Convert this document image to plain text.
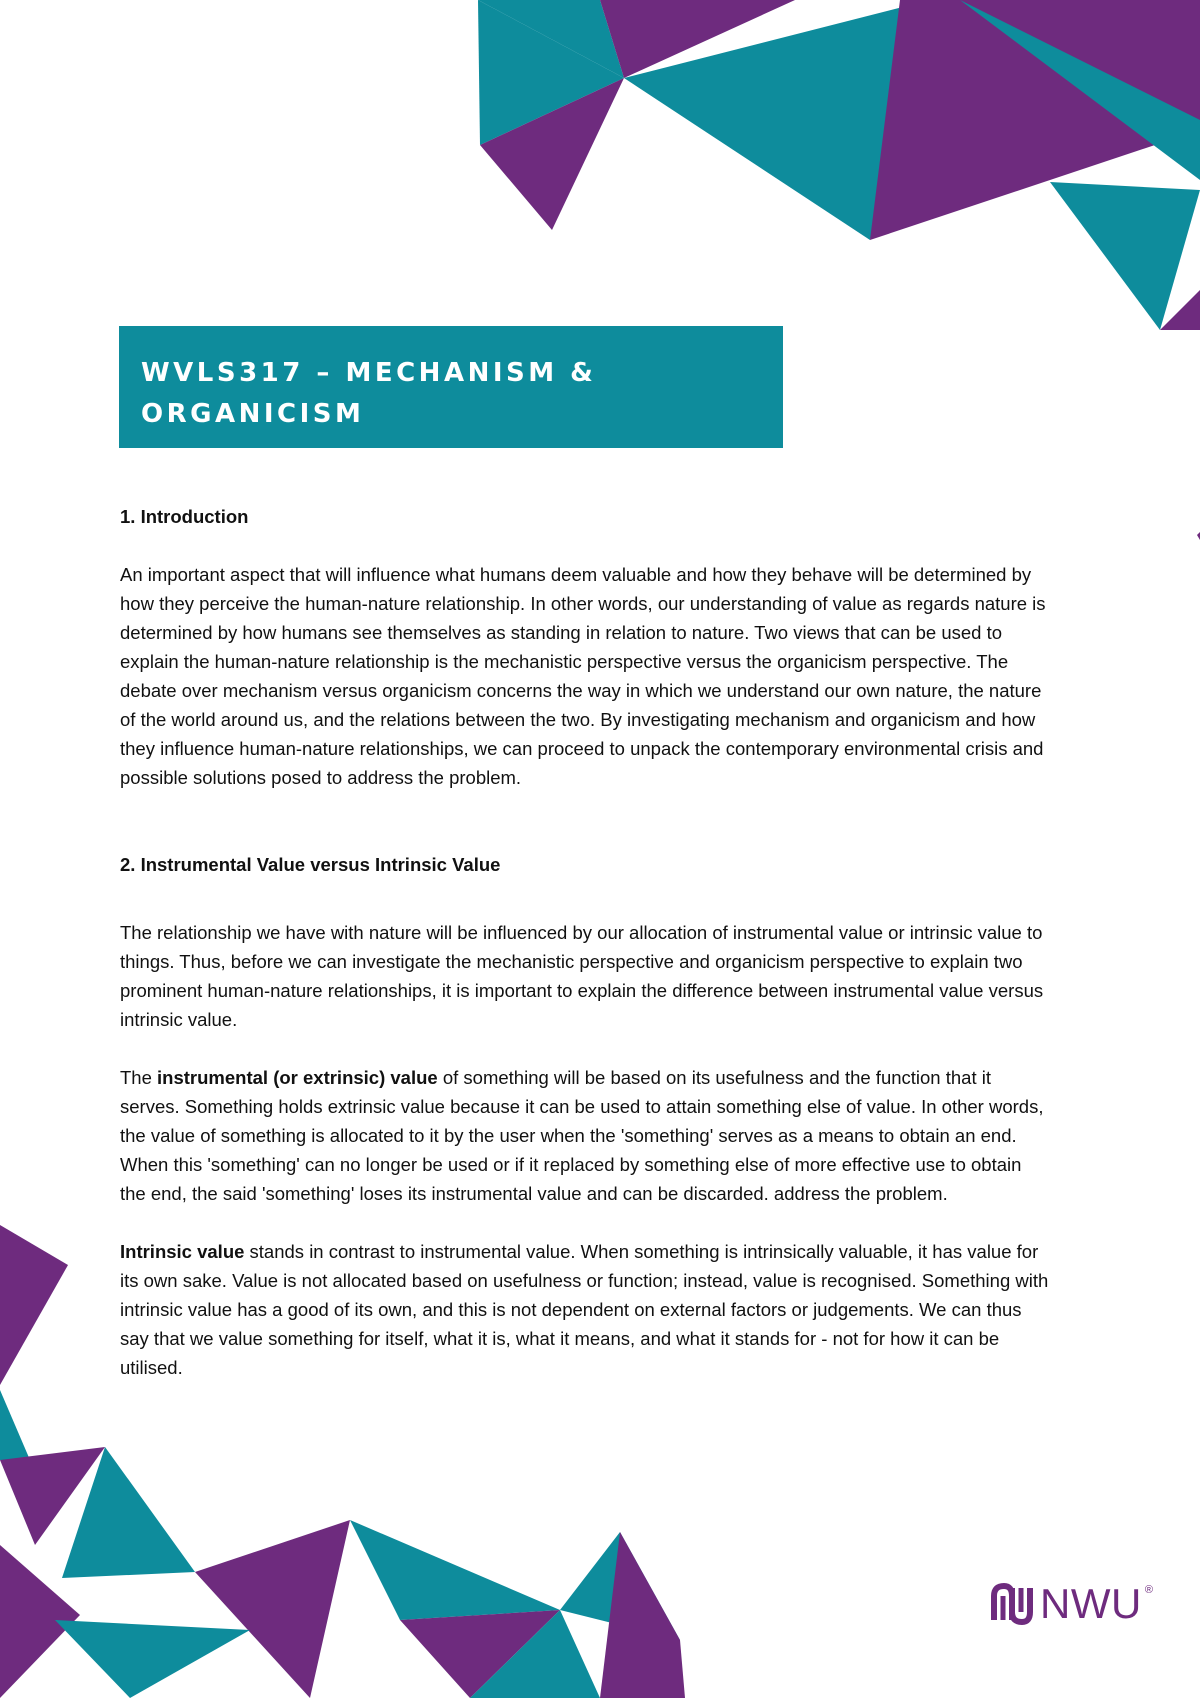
WVLS317 – MECHANISM &
ORGANICISM
1. Introduction

An important aspect that will influence what humans deem valuable and how they behave will be determined by how they perceive the human-nature relationship. In other words, our understanding of value as regards nature is determined by how humans see themselves as standing in relation to nature. Two views that can be used to explain the human-nature relationship is the mechanistic perspective versus the organicism perspective. The debate over mechanism versus organicism concerns the way in which we understand our own nature, the nature of the world around us, and the relations between the two. By investigating mechanism and organicism and how they influence human-nature relationships, we can proceed to unpack the contemporary environmental crisis and possible solutions posed to address the problem.

2. Instrumental Value versus Intrinsic Value

The relationship we have with nature will be influenced by our allocation of instrumental value or intrinsic value to things. Thus, before we can investigate the mechanistic perspective and organicism perspective to explain two prominent human-nature relationships, it is important to explain the difference between instrumental value versus intrinsic value.

The instrumental (or extrinsic) value of something will be based on its usefulness and the function that it serves. Something holds extrinsic value because it can be used to attain something else of value. In other words, the value of something is allocated to it by the user when the 'something' serves as a means to obtain an end. When this 'something' can no longer be used or if it replaced by something else of more effective use to obtain the end, the said 'something' loses its instrumental value and can be discarded. address the problem.

Intrinsic value stands in contrast to instrumental value. When something is intrinsically valuable, it has value for its own sake. Value is not allocated based on usefulness or function; instead, value is recognised. Something with intrinsic value has a good of its own, and this is not dependent on external factors or judgements. We can thus say that we value something for itself, what it is, what it means, and what it stands for - not for how it can be utilised.

NWU ®
